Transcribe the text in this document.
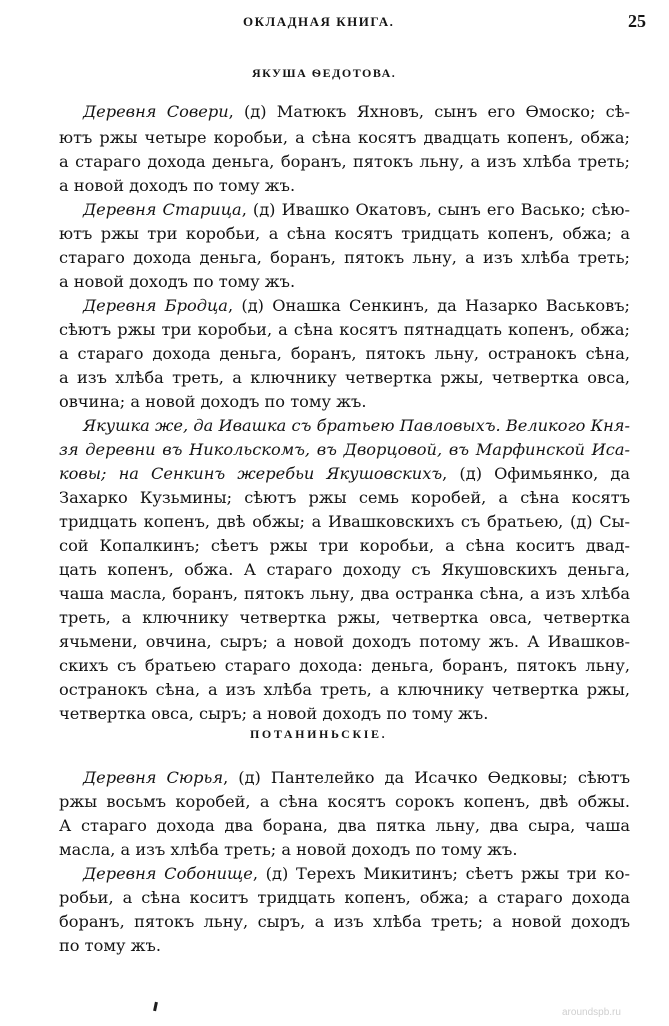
ОКЛАДНАЯ КНИГА.	25
ЯКУША ѲЕДОТОВА.
ПОТАНИНЬСКІЕ.
Деревня Совери, (д) Матюкъ Яхновъ, сынъ его Ѳмоско; сѣ-
ютъ ржы четыре коробьи, а сѣна косятъ двадцать копенъ, обжа;
а стараго дохода деньга, боранъ, пятокъ льну, а изъ хлѣба треть;
а новой доходъ по тому жъ.
Деревня Старица, (д) Ивашко Окатовъ, сынъ его Васько; сѣю-
ютъ ржы три коробьи, а сѣна косятъ тридцать копенъ, обжа; а
стараго дохода деньга, боранъ, пятокъ льну, а изъ хлѣба треть;
а новой доходъ по тому жъ.
Деревня Бродца, (д) Онашка Сенкинъ, да Назарко Васьковъ;
сѣютъ ржы три коробьи, а сѣна косятъ пятнадцать копенъ, обжа;
а стараго дохода деньга, боранъ, пятокъ льну, остранокъ сѣна,
а изъ хлѣба треть, а ключнику четвертка ржы, четвертка овса,
овчина; а новой доходъ по тому жъ.
Якушка же, да Ивашка съ братьею Павловыхъ. Великого Кня-
зя деревни въ Никольскомъ, въ Дворцовой, въ Марфинской Иса-
ковы; на Сенкинъ жеребьи Якушовскихъ, (д) Офимьянко, да
Захарко Кузьмины; сѣютъ ржы семь коробей, а сѣна косятъ
тридцать копенъ, двѣ обжы; а Ивашковскихъ съ братьею, (д) Сы-
сой Копалкинъ; сѣетъ ржы три коробьи, а сѣна коситъ двад-
цать копенъ, обжа. А стараго доходу съ Якушовскихъ деньга,
чаша масла, боранъ, пятокъ льну, два остранка сѣна, а изъ хлѣба
треть, а ключнику четвертка ржы, четвертка овса, четвертка
ячьмени, овчина, сыръ; а новой доходъ потому жъ. А Ивашков-
скихъ съ братьею стараго дохода: деньга, боранъ, пятокъ льну,
остранокъ сѣна, а изъ хлѣба треть, а ключнику четвертка ржы,
четвертка овса, сыръ; а новой доходъ по тому жъ.
Деревня Сюрья, (д) Пантелейко да Исачко Ѳедковы; сѣютъ
ржы восьмъ коробей, а сѣна косятъ сорокъ копенъ, двѣ обжы.
А стараго дохода два борана, два пятка льну, два сыра, чаша
масла, а изъ хлѣба треть; а новой доходъ по тому жъ.
Деревня Собонище, (д) Терехъ Микитинъ; сѣетъ ржы три ко-
робьи, а сѣна коситъ тридцать копенъ, обжа; а стараго дохода
боранъ, пятокъ льну, сыръ, а изъ хлѣба треть; а новой доходъ
по тому жъ.
aroundspb.ru
